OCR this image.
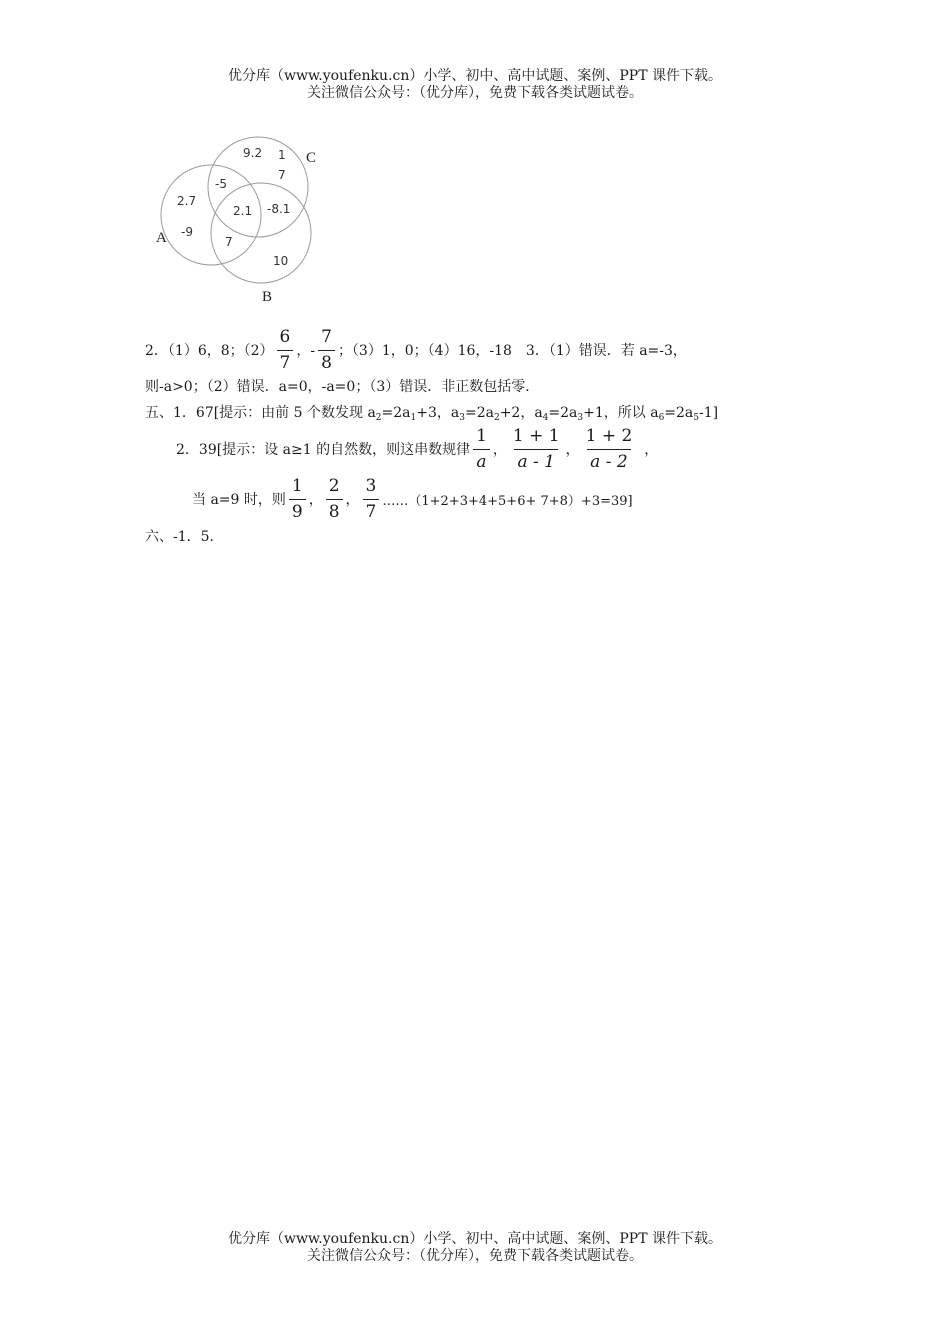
优分库（www.youfenku.cn）小学、初中、高中试题、案例、PPT 课件下载。
关注微信公众号：（优分库），免费下载各类试题试卷。
C
A
B
9.2 1
7
-5
2.7
-9
2.1 -8.1
7
10
2．（1）6，8；$(2) \frac{6}{7}$ ，- $\frac{7}{8}$ ；（3）1，0；（4）16，-18　3．（1）错误．若 a=-3，
则-a>0；（2）错误．a=0，-a=0；（3）错误．非正数包括零．
五、1．67[提示：由前 5 个数发现 $a_2=2a_1+3$，$a_3=2a_2+2$，$a_4=2a_3+1$，所以 $a_6=2a_5-1$]
2．39[提示：设 a≥1 的自然数，则这串数规律 $\frac{1}{a}$ ， $\frac{1 + 1}{a - 1}$ ， $\frac{1 + 2}{a - 2}$ ，
当 a=9 时，则 $\frac{1}{9}$ ， $\frac{2}{8}$ ， $\frac{3}{7}$ ……（1+2+3+4+5+6+ 7+8）+3=39]
六、-1．5．
优分库（www.youfenku.cn）小学、初中、高中试题、案例、PPT 课件下载。
关注微信公众号：（优分库），免费下载各类试题试卷。
